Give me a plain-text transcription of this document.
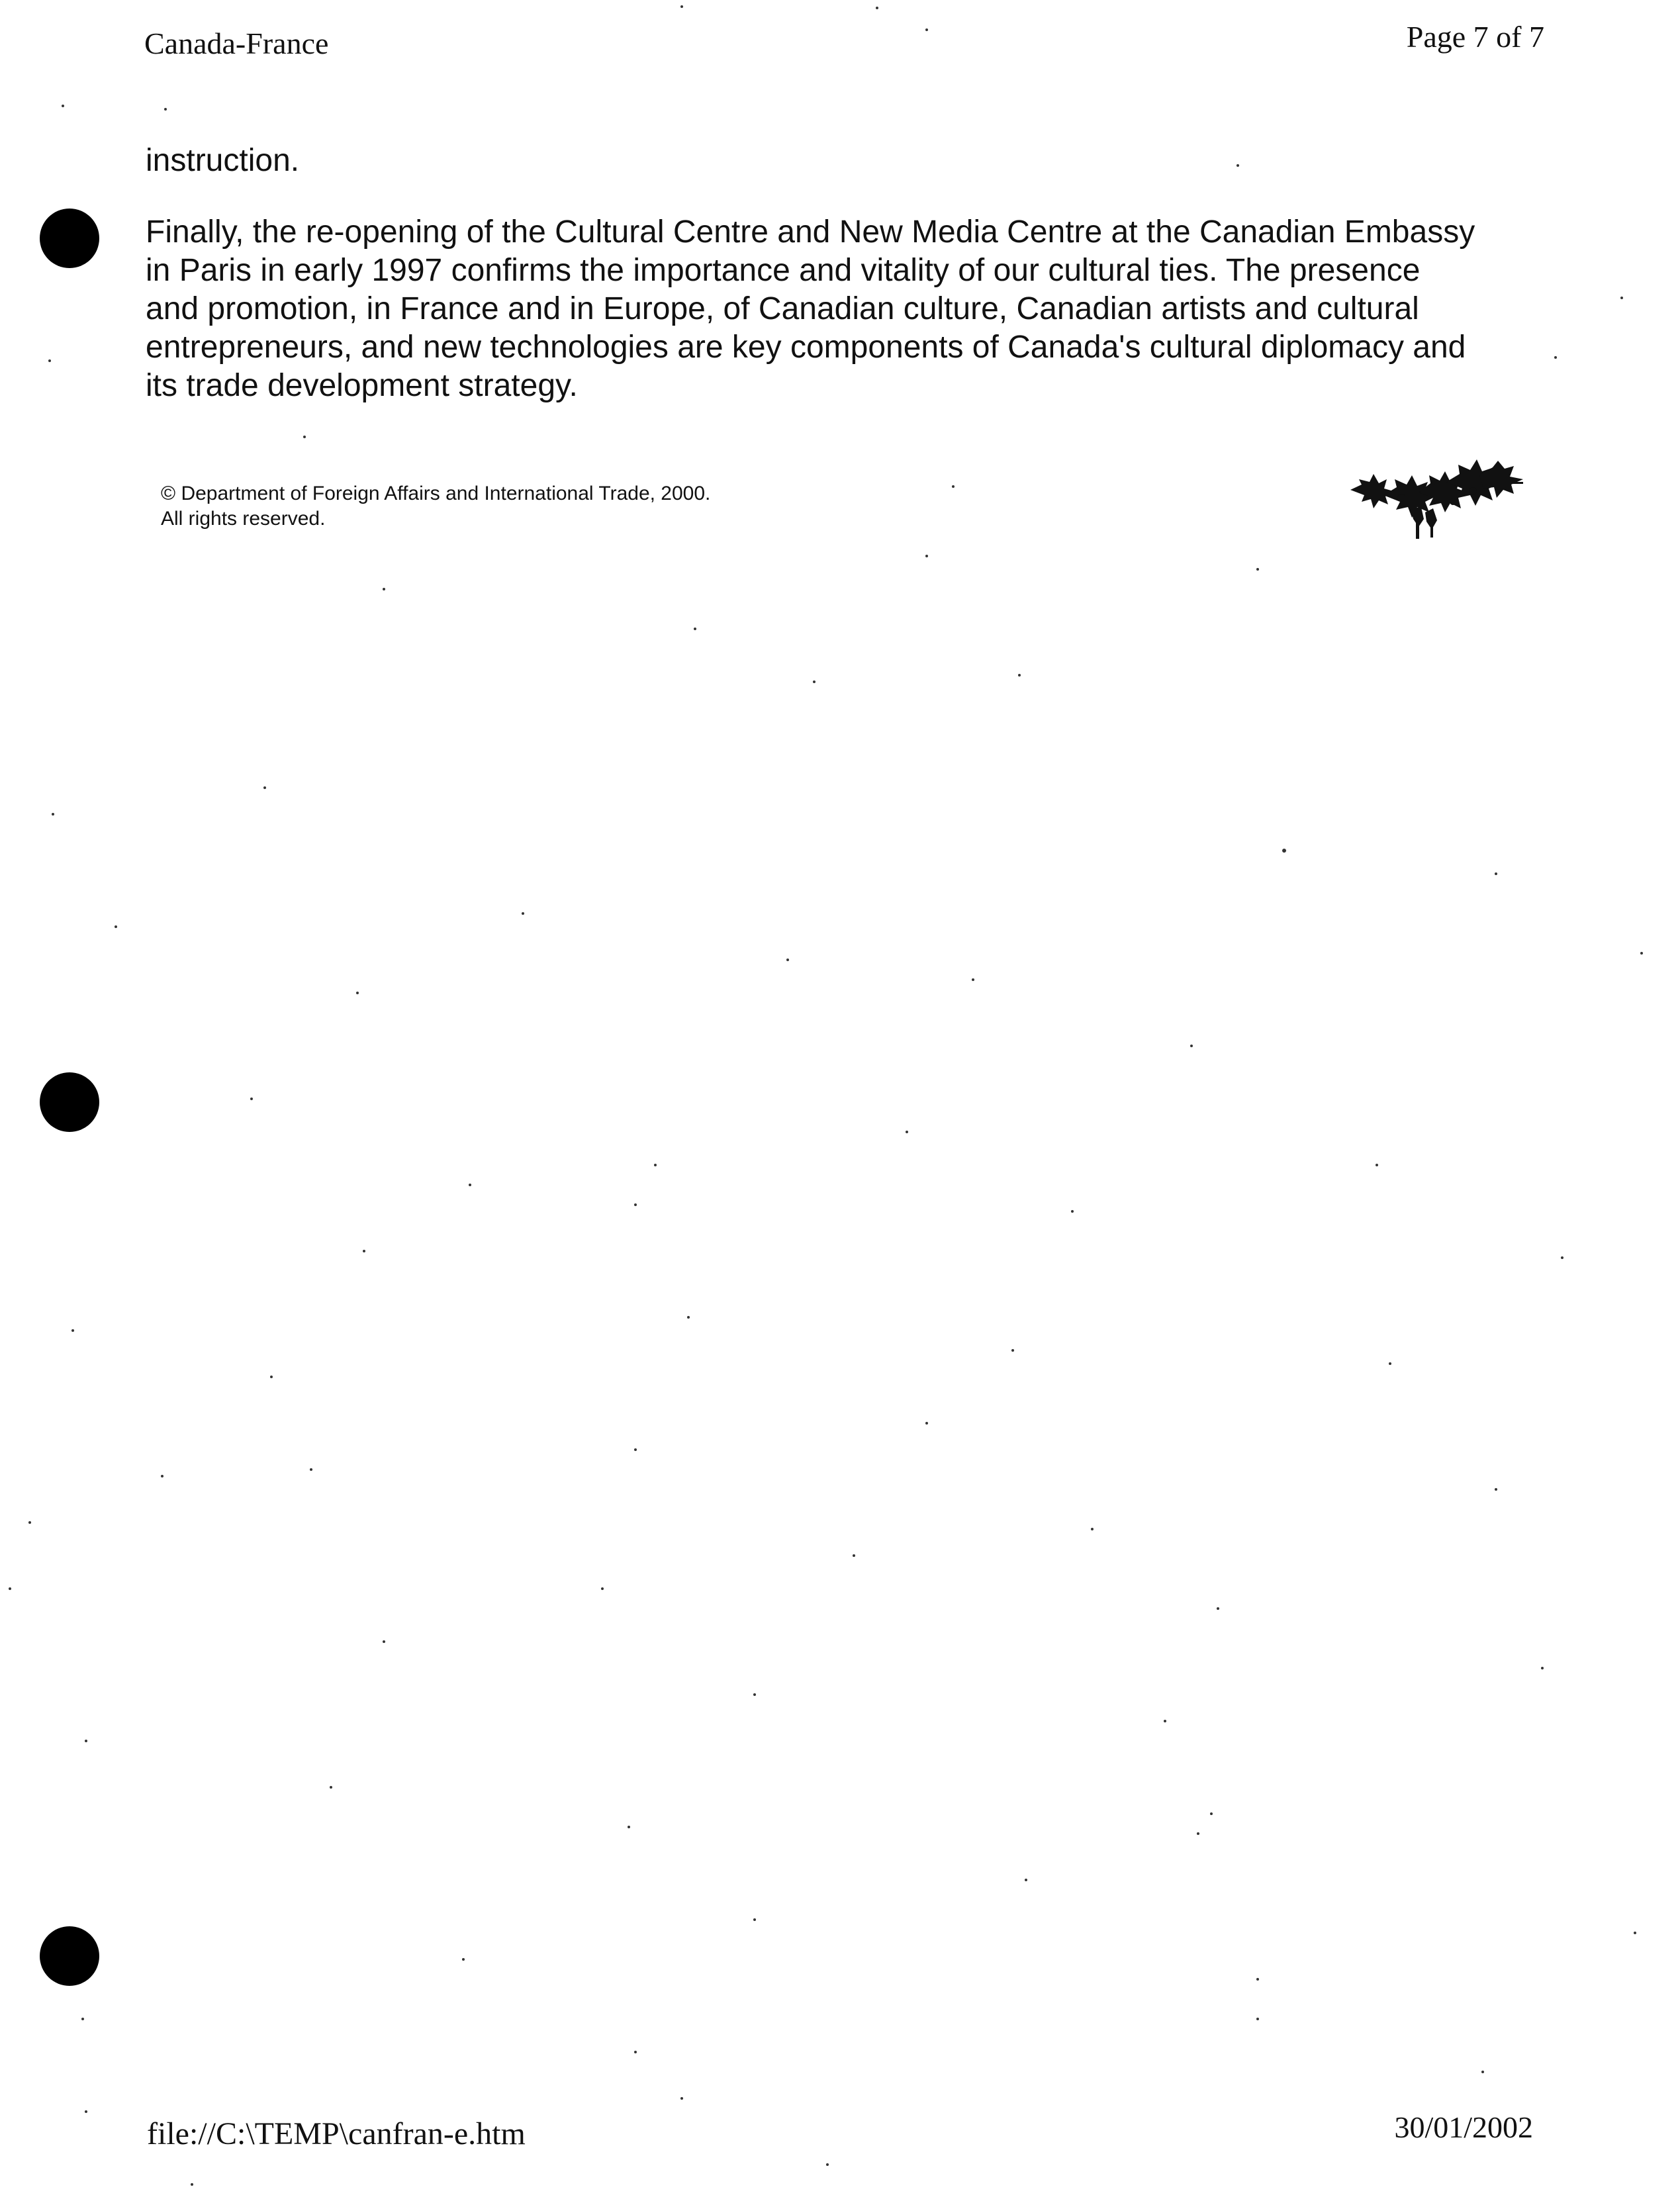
Canada-France	Page 7 of 7
instruction.
Finally, the re-opening of the Cultural Centre and New Media Centre at the Canadian Embassy
in Paris in early 1997 confirms the importance and vitality of our cultural ties. The presence
and promotion, in France and in Europe, of Canadian culture, Canadian artists and cultural
entrepreneurs, and new technologies are key components of Canada's cultural diplomacy and
its trade development strategy.
© Department of Foreign Affairs and International Trade, 2000.
All rights reserved.
file://C:\TEMP\canfran-e.htm	30/01/2002
